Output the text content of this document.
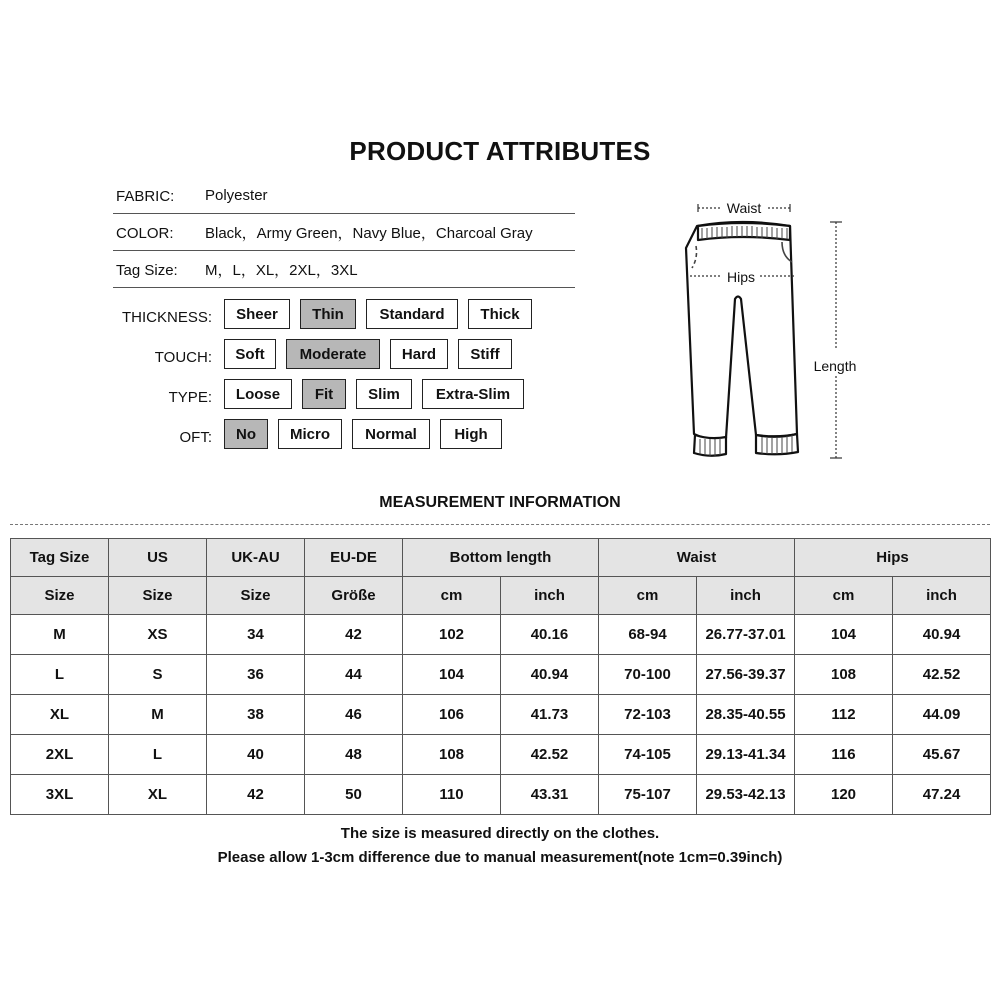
PRODUCT ATTRIBUTES
FABRIC:	Polyester
COLOR:	Black，Army Green，Navy Blue，Charcoal Gray
Tag Size:	M，L，XL，2XL，3XL
THICKNESS:	Sheer	Thin	Standard	Thick
TOUCH:	Soft	Moderate	Hard	Stiff
TYPE:	Loose	Fit	Slim	Extra-Slim
OFT:	No	Micro	Normal	High
Waist
Hips
Length
MEASUREMENT INFORMATION
Tag Size	US	UK-AU	EU-DE	Bottom length		Waist		Hips	
Size	Size	Size	Größe	cm	inch	cm	inch	cm	inch
M	XS	34	42	102	40.16	68-94	26.77-37.01	104	40.94
L	S	36	44	104	40.94	70-100	27.56-39.37	108	42.52
XL	M	38	46	106	41.73	72-103	28.35-40.55	112	44.09
2XL	L	40	48	108	42.52	74-105	29.13-41.34	116	45.67
3XL	XL	42	50	110	43.31	75-107	29.53-42.13	120	47.24
The size is measured directly on the clothes.
Please allow 1-3cm difference due to manual measurement(note 1cm=0.39inch)
